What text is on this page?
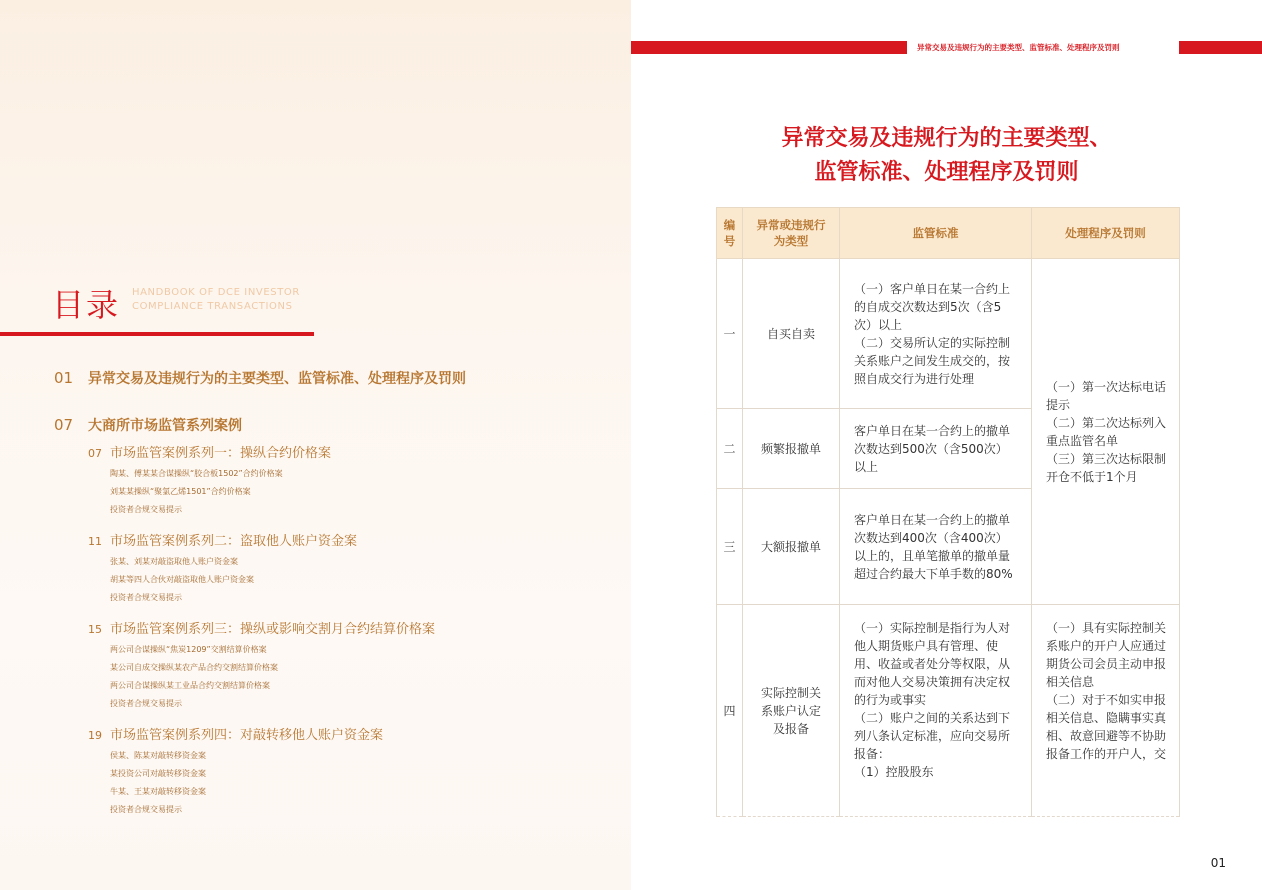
目录 HANDBOOK OF DCE INVESTOR COMPLIANCE TRANSACTIONS
01	异常交易及违规行为的主要类型、监管标准、处理程序及罚则
07	大商所市场监管系列案例
07 市场监管案例系列一：操纵合约价格案
陶某、傅某某合谋操纵“胶合板1502”合约价格案
刘某某操纵“聚氯乙烯1501”合约价格案
投资者合规交易提示
11 市场监管案例系列二：盗取他人账户资金案
张某、刘某对敲盗取他人账户资金案
胡某等四人合伙对敲盗取他人账户资金案
投资者合规交易提示
15 市场监管案例系列三：操纵或影响交割月合约结算价格案
两公司合谋操纵“焦炭1209”交割结算价格案
某公司自成交操纵某农产品合约交割结算价格案
两公司合谋操纵某工业品合约交割结算价格案
投资者合规交易提示
19 市场监管案例系列四：对敲转移他人账户资金案
侯某、陈某对敲转移资金案
某投资公司对敲转移资金案
牛某、王某对敲转移资金案
投资者合规交易提示
异常交易及违规行为的主要类型、监管标准、处理程序及罚则
异常交易及违规行为的主要类型、
监管标准、处理程序及罚则
编号	异常或违规行为类型	监管标准	处理程序及罚则
一	自买自卖	（一）客户单日在某一合约上的自成交次数达到5次（含5次）以上
（二）交易所认定的实际控制关系账户之间发生成交的，按照自成交行为进行处理	（一）第一次达标电话提示
（二）第二次达标列入重点监管名单
（三）第三次达标限制开仓不低于1个月
二	频繁报撤单	客户单日在某一合约上的撤单次数达到500次（含500次）以上	
三	大额报撤单	客户单日在某一合约上的撤单次数达到400次（含400次）以上的，且单笔撤单的撤单量超过合约最大下单手数的80%	
四	实际控制关系账户认定及报备	（一）实际控制是指行为人对他人期货账户具有管理、使用、收益或者处分等权限，从而对他人交易决策拥有决定权的行为或事实
（二）账户之间的关系达到下列八条认定标准，应向交易所报备：
（1）控股股东	（一）具有实际控制关系账户的开户人应通过期货公司会员主动申报相关信息
（二）对于不如实申报相关信息、隐瞒事实真相、故意回避等不协助报备工作的开户人，交
01
